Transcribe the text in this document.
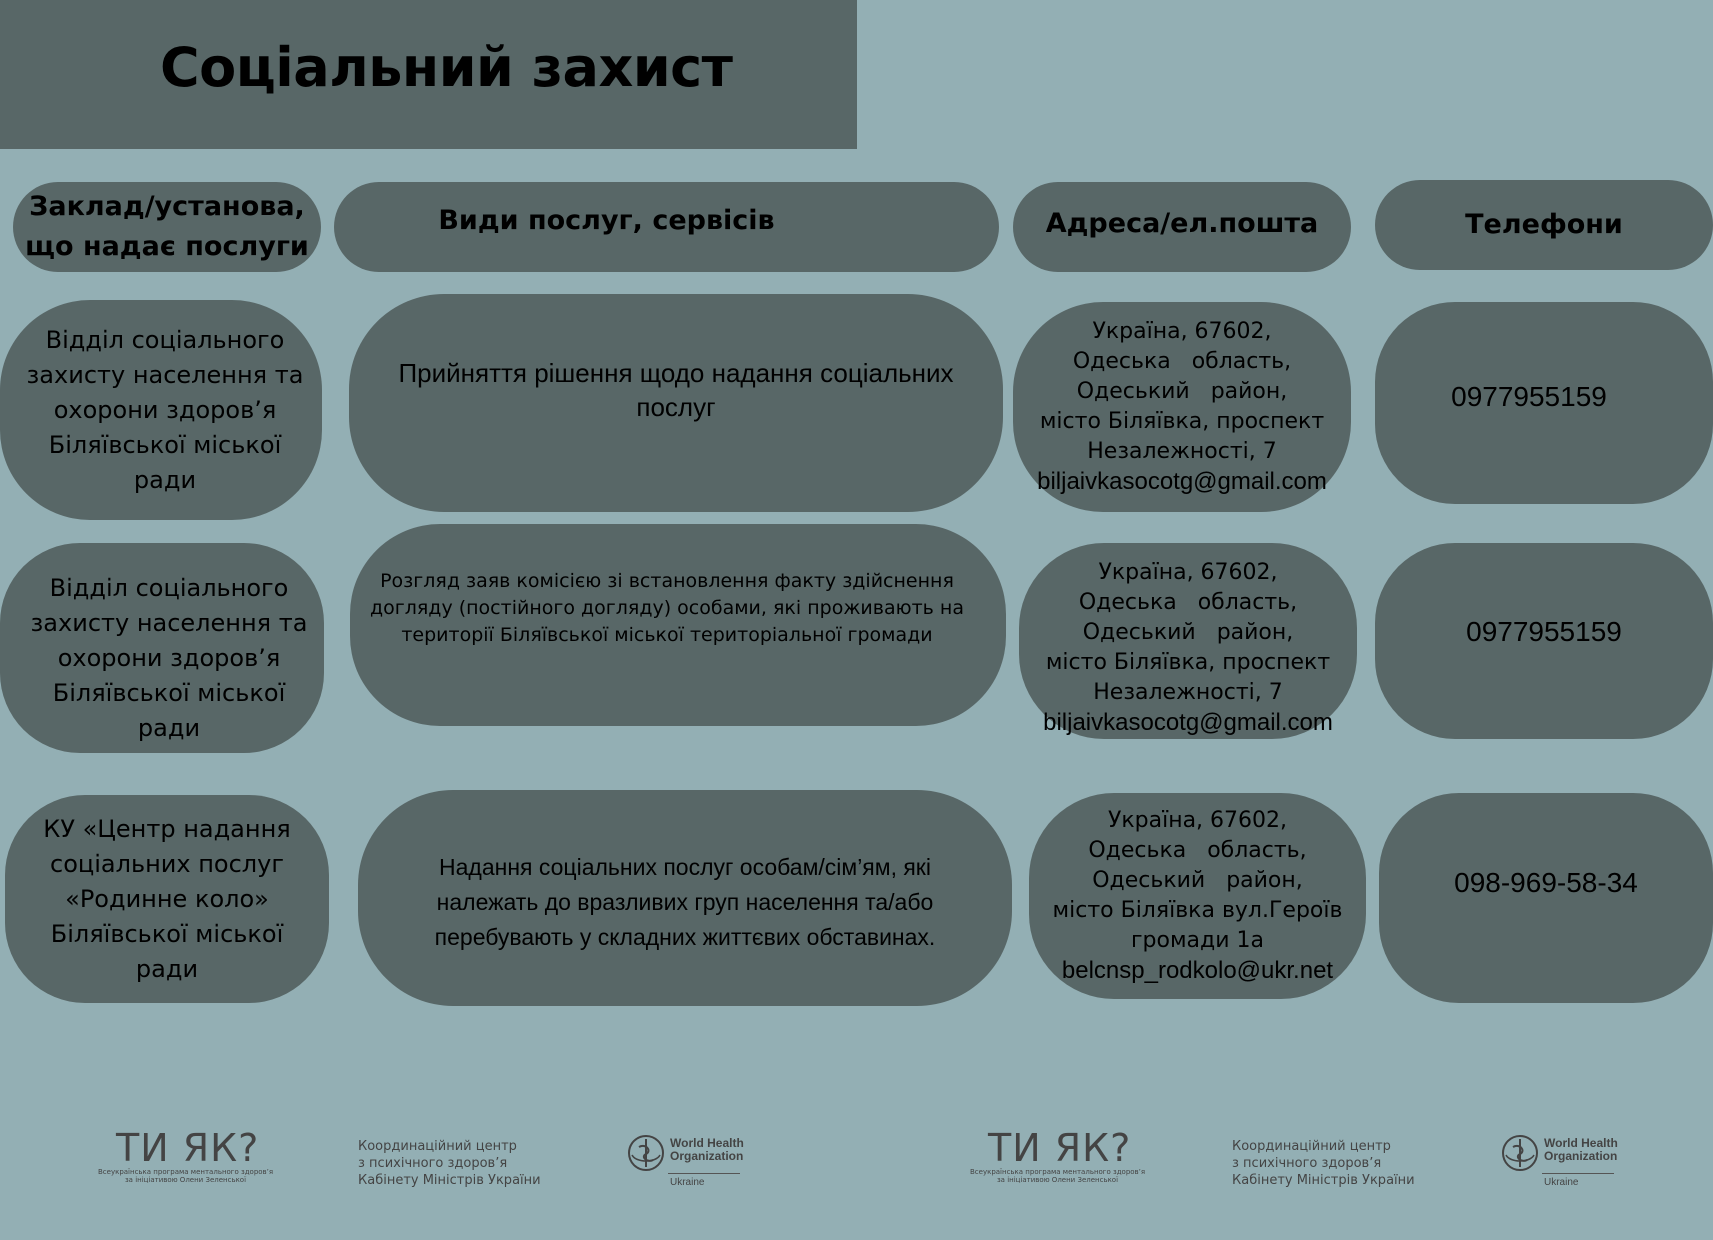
Соціальний захист
Заклад/установа,
що надає послуги
Види послуг, сервісів	Адреса/ел.пошта	Телефони
Відділ соціального
захисту населення та
охорони здоров’я
Біляївської міської
ради
Прийняття рішення щодо надання соціальних
послуг
Україна, 67602,
Одеська   область,
Одеський   район,
місто Біляївка, проспект
Незалежності, 7
biljaivkasocotg@gmail.com
0977955159
Відділ соціального
захисту населення та
охорони здоров’я
Біляївської міської
ради
Розгляд заяв комісією зі встановлення факту здійснення
догляду (постійного догляду) особами, які проживають на
території Біляївської міської територіальної громади
Україна, 67602,
Одеська   область,
Одеський   район,
місто Біляївка, проспект
Незалежності, 7
biljaivkasocotg@gmail.com
0977955159
КУ «Центр надання
соціальних послуг
«Родинне коло»
Біляївської міської
ради
Надання соціальних послуг особам/сім’ям, які
належать до вразливих груп населення та/або
перебувають у складних життєвих обставинах.
Україна, 67602,
Одеська   область,
Одеський   район,
місто Біляївка вул.Героїв
громади 1а
belcnsp_rodkolo@ukr.net
098-969-58-34
ТИ ЯК?
Всеукраїнська програма ментального здоров’я
за ініціативою Олени Зеленської
Координаційний центр
з психічного здоров’я
Кабінету Міністрів України
World Health
Organization
Ukraine
ТИ ЯК?
Всеукраїнська програма ментального здоров’я
за ініціативою Олени Зеленської
Координаційний центр
з психічного здоров’я
Кабінету Міністрів України
World Health
Organization
Ukraine
